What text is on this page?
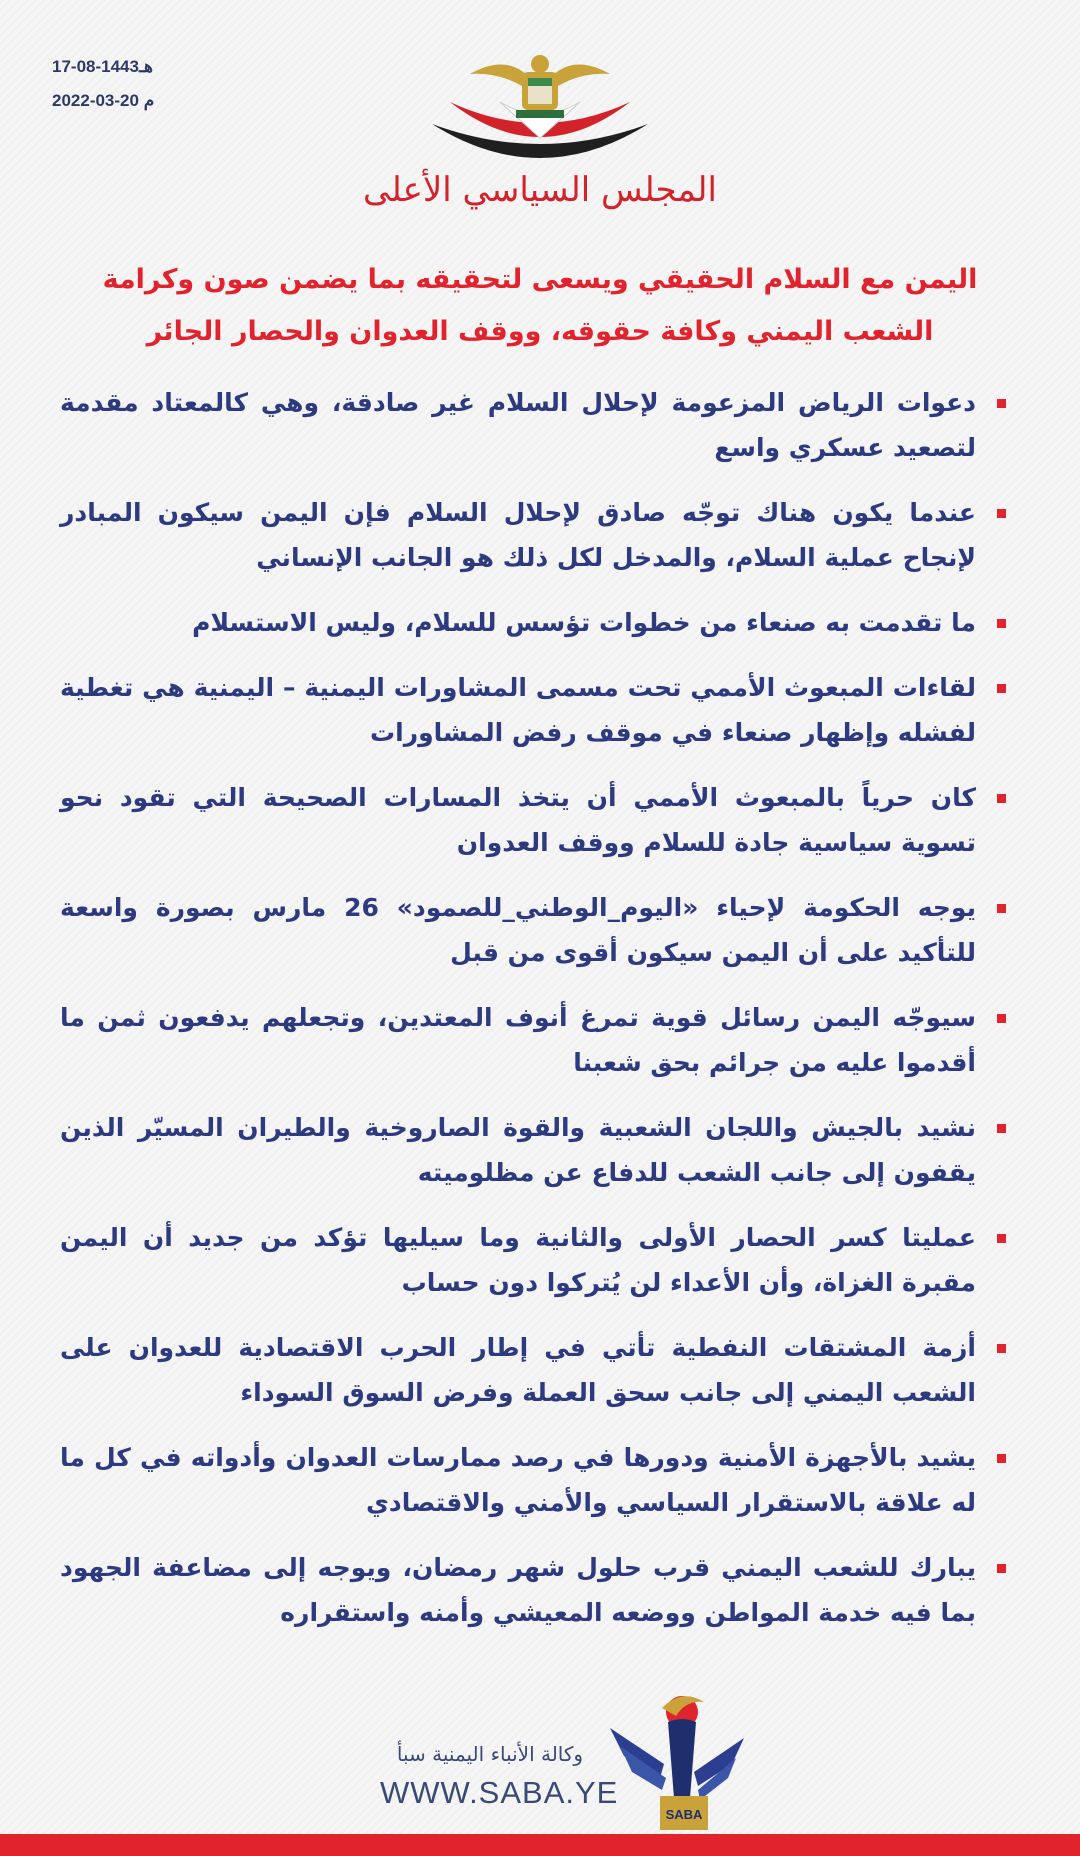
17-08-1443هـ
2022-03-20 م
المجلس السياسي الأعلى
اليمن مع السلام الحقيقي ويسعى لتحقيقه بما يضمن صون وكرامة
الشعب اليمني وكافة حقوقه، ووقف العدوان والحصار الجائر
دعوات الرياض المزعومة لإحلال السلام غير صادقة، وهي كالمعتاد مقدمة لتصعيد عسكري واسع
عندما يكون هناك توجّه صادق لإحلال السلام فإن اليمن سيكون المبادر لإنجاح عملية السلام، والمدخل لكل ذلك هو الجانب الإنساني
ما تقدمت به صنعاء من خطوات تؤسس للسلام، وليس الاستسلام
لقاءات المبعوث الأممي تحت مسمى المشاورات اليمنية – اليمنية هي تغطية لفشله وإظهار صنعاء في موقف رفض المشاورات
كان حرياً بالمبعوث الأممي أن يتخذ المسارات الصحيحة التي تقود نحو تسوية سياسية جادة للسلام ووقف العدوان
يوجه الحكومة لإحياء «اليوم_الوطني_للصمود» 26 مارس بصورة واسعة للتأكيد على أن اليمن سيكون أقوى من قبل
سيوجّه اليمن رسائل قوية تمرغ أنوف المعتدين، وتجعلهم يدفعون ثمن ما أقدموا عليه من جرائم بحق شعبنا
نشيد بالجيش واللجان الشعبية والقوة الصاروخية والطيران المسيّر الذين يقفون إلى جانب الشعب للدفاع عن مظلوميته
عمليتا كسر الحصار الأولى والثانية وما سيليها تؤكد من جديد أن اليمن مقبرة الغزاة، وأن الأعداء لن يُتركوا دون حساب
أزمة المشتقات النفطية تأتي في إطار الحرب الاقتصادية للعدوان على الشعب اليمني إلى جانب سحق العملة وفرض السوق السوداء
يشيد بالأجهزة الأمنية ودورها في رصد ممارسات العدوان وأدواته في كل ما له علاقة بالاستقرار السياسي والأمني والاقتصادي
يبارك للشعب اليمني قرب حلول شهر رمضان، ويوجه إلى مضاعفة الجهود بما فيه خدمة المواطن ووضعه المعيشي وأمنه واستقراره
وكالة الأنباء اليمنية سبأ
WWW.SABA.YE
SABA
